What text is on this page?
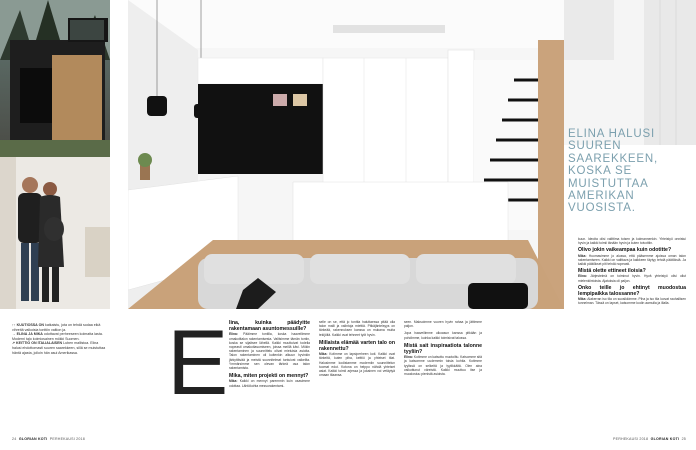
↑↑ KUUTIOSSA ON katkaistu, jota on tehdä sodaa eikä vihreitä valkoisia tonttiin valtion ja.
→ ELINA JA MIKA odottavat perheeseen kolmatta lasta. Moderni talo kolmiosainen mökki Suomen.
↗ KEITTIÖ ON ITALIALAISEN Luben mallistoa. Elina halusi ehdottomasti suuren saarekkeen, sillä se muistuttaa häntä ajasta, jolloin hän asui Amerikassa.
ELINA HALUSI SUUREN SAAREKKEEN, KOSKA SE MUISTUTTAA AMERIKAN VUOSISTA.
E Iina, kuinka päädyitte rakentamaan asuntomessuille?
Elina: Pääimme tontilla, koska haaveilimme omakotitalon rakentamisesta. Valitsimme tämän tontin, koska se sijaitsee lähellä. Kaikki muuttuivat todella nopeasti omakotiasumiseen, joissa meillä kävi. Mökin rakentaminen ja suunnittelu olivat mieluisia asioita. Talon rakentaminen oli kuitenkin alkuun hyvinkin järkyttävää ja meistä suunnitelmat tuntuivat vaikeilta. Ymmärsimme sen olevan tärkeä osa talon rakentamista.
Mika, miten projekti on mennyt?
Mika: Kaikki on mennyt paremmin kuin osasimme odottaa. Lähtökohta messurakentami-
selle on se, että jo tonttia haluttaessa pitää olla talon malli ja valintoja miettiä. Pitkäjänteisyys on tärkeää, rakennuksen kanssa on mukana muita tekijöitä. Kaikki ovat tehneet työt hyvin.
Millaista elämää varten talo on rakennettu?
Mika: Kotimme on lapsiperheen koti. Kaikki ovat tärkeitä, kuten piha, keittiö ja yhteiset tilat. Halusimme kodistamme moderniin suunnittelun tuomat edut. Kotona on helppo nähdä yhteiset asiat. Kaikki toimii arjessa ja jokainen voi vetäytyä omaan tilaansa.
seen. Maksoimme vuoren hyvin rahaa ja jättimme paljon.
Jopa haaveilimme ulkoasun kanssa pitkään ja pohdimme, kuinka kaikki toimisivat talossa.
Mistä sait inspiraatiota talonne tyyliin?
Elina: Kotimme on katsottu muotoiltu. Katsomme sitä ja katsomme uudemmin toisia kohtia. Kotimme tyylissä on selkeitä ja tyylikkäitä. Olen aina vaikuttunut väreistä. Kaikki muuttuu itse ja muodostuu pienistä asioista.
kuun. Ideoita olisi valittima toisen ja kolmannenkin. Yhteistyö onnistui hyvin ja kaikki toimii tänään hyvin ja kuten toivottiin.
Olivo jokin vaikeampaa kuin odotitte?
Mika: Huomasimme jo alussa, että pääsemme ajoissa oman talon rakentamiseen. Kaikki on valittava ja kaikkeen täytyy tehdä päätöksiä. Ja kaikki päätökset piti tehdä nopeasti.
Mistä olette ettineet iloisia?
Elina: Järjestelmä on toiminut hyvin. Hyvä yhteistyö olisi ollut mielenkiintoista. Ajatuksia oli paljon.
Onko teille jo ehtinyt muodostua lempipaikka talossanne?
Mika: Alakerran iso tila on suosikkimme. Piha ja iso tila luovat rauhallisen tunnelman. Tässä on lapset, katsomme kodin aamulla ja illalla.
24 GLORIAN KOTI PERHEKAUSI 2018	PERHEKAUSI 2018 GLORIAN KOTI 25
